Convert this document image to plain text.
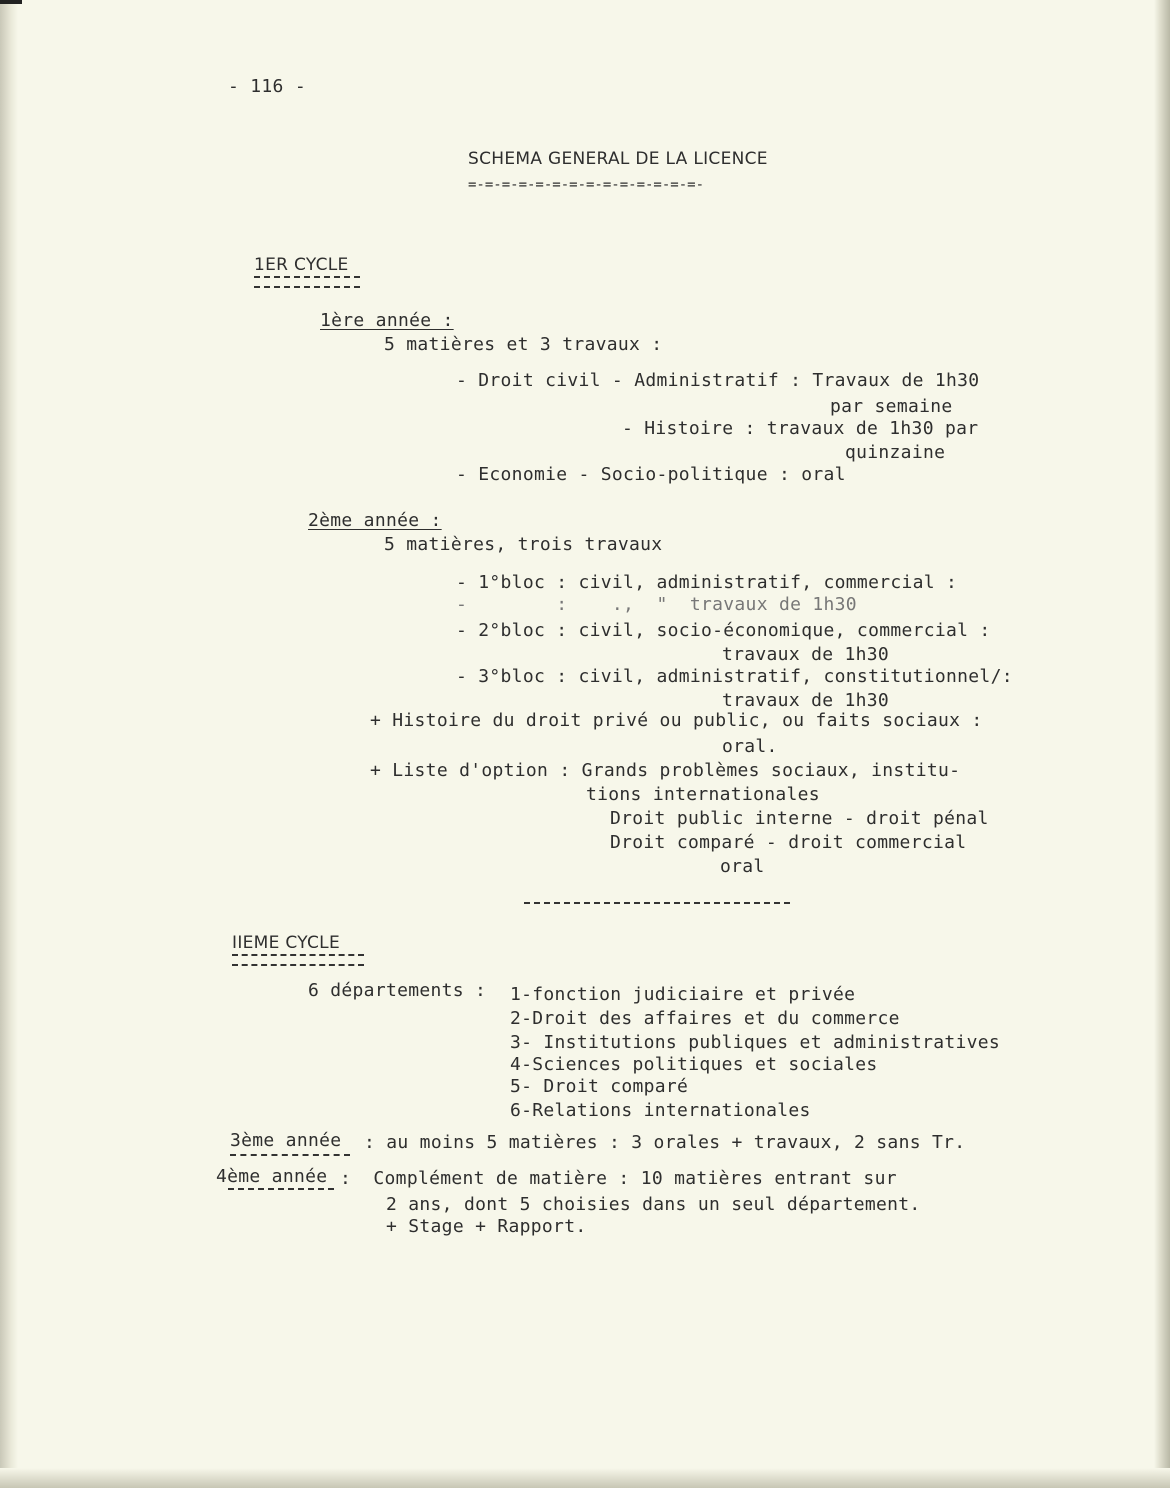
- 116 -
SCHEMA GENERAL DE LA LICENCE
=-=-=-=-=-=-=-=-=-=-=-=-=-=-
1ER CYCLE
1ère année :
5 matières et 3 travaux :
- Droit civil - Administratif : Travaux de 1h30
par semaine
- Histoire : travaux de 1h30 par
quinzaine
- Economie - Socio-politique : oral
2ème année :
5 matières, trois travaux
- 1°bloc : civil, administratif, commercial :
-        :    .,  "  travaux de 1h30
- 2°bloc : civil, socio-économique, commercial :
travaux de 1h30
- 3°bloc : civil, administratif, constitutionnel/:
travaux de 1h30
+ Histoire du droit privé ou public, ou faits sociaux :
oral.
+ Liste d'option : Grands problèmes sociaux, institu-
tions internationales
Droit public interne - droit pénal
Droit comparé - droit commercial
oral
IIEME CYCLE
6 départements : 1-fonction judiciaire et privée
2-Droit des affaires et du commerce
3- Institutions publiques et administratives
4-Sciences politiques et sociales
5- Droit comparé
6-Relations internationales
3ème année : au moins 5 matières : 3 orales + travaux, 2 sans Tr.
4ème année :  Complément de matière : 10 matières entrant sur
2 ans, dont 5 choisies dans un seul département.
+ Stage + Rapport.
